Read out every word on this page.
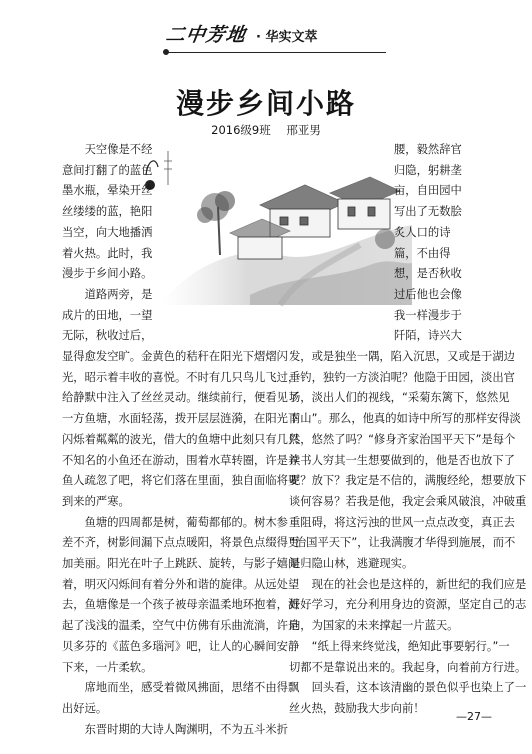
二中芳地 · 华实文萃
漫步乡间小路
2016级9班 邢亚男
天空像是不经
意间打翻了的蓝色
墨水瓶，晕染开丝
丝缕缕的蓝，艳阳
当空，向大地播洒
着火热。此时，我
漫步于乡间小路。
道路两旁，是
成片的田地，一望
无际，秋收过后，
腰，毅然辞官
归隐，躬耕垄
亩，自田园中
写出了无数脍
炙人口的诗
篇，不由得
想，是否秋收
过后他也会像
我一样漫步于
阡陌，诗兴大
显得愈发空旷。金黄色的秸秆在阳光下熠熠闪
光，昭示着丰收的喜悦。不时有几只鸟儿飞过，
给静默中注入了丝丝灵动。继续前行，便看见了
一方鱼塘，水面轻荡，拨开层层涟漪，在阳光下
闪烁着粼粼的波光，借大的鱼塘中此刻只有几只
不知名的小鱼还在游动，围着水草转圈，许是养
鱼人疏忽了吧，将它们落在里面，独自面临将要
到来的严寒。
鱼塘的四周都是树，葡萄都郁的。树木参
差不齐，树影间漏下点点暖阳，将景色点缀得更
加美丽。阳光在叶子上跳跃、旋转，与影子嬉闹
着，明灭闪烁间有着分外和谐的旋律。从远处望
去，鱼塘像是一个孩子被母亲温柔地环抱着，溅
起了浅浅的温柔，空气中仿佛有乐曲流淌，许是
贝多芬的《蓝色多瑙河》吧，让人的心瞬间安静
下来，一片柔软。
席地而坐，感受着微风拂面，思绪不由得飘
出好远。
东晋时期的大诗人陶渊明，不为五斗米折
发，或是独坐一隅，陷入沉思，又或是于湖边
垂钓，独钓一方淡泊呢？他隐于田园，淡出官
场，淡出人们的视线，“采菊东篱下，悠然见
南山”。那么，他真的如诗中所写的那样安得淡
然，悠然了吗？“修身齐家治国平天下”是每个
读书人穷其一生想要做到的，他是否也放下了
呢？放下？我定是不信的，满腹经纶，想要放下
谈何容易？若我是他，我定会乘风破浪，冲破重
重阻碍，将这污浊的世风一点点改变，真正去
“治国平天下”，让我满腹才华得到施展，而不
是归隐山林，逃避现实。
现在的社会也是这样的，新世纪的我们应是
好好学习，充分利用身边的资源，坚定自己的志
向，为国家的未来撑起一片蓝天。
“纸上得来终觉浅，绝知此事要躬行。”一
切都不是靠说出来的。我起身，向着前方行进。
回头看，这本该清幽的景色似乎也染上了一
丝火热，鼓励我大步向前！
—27—
